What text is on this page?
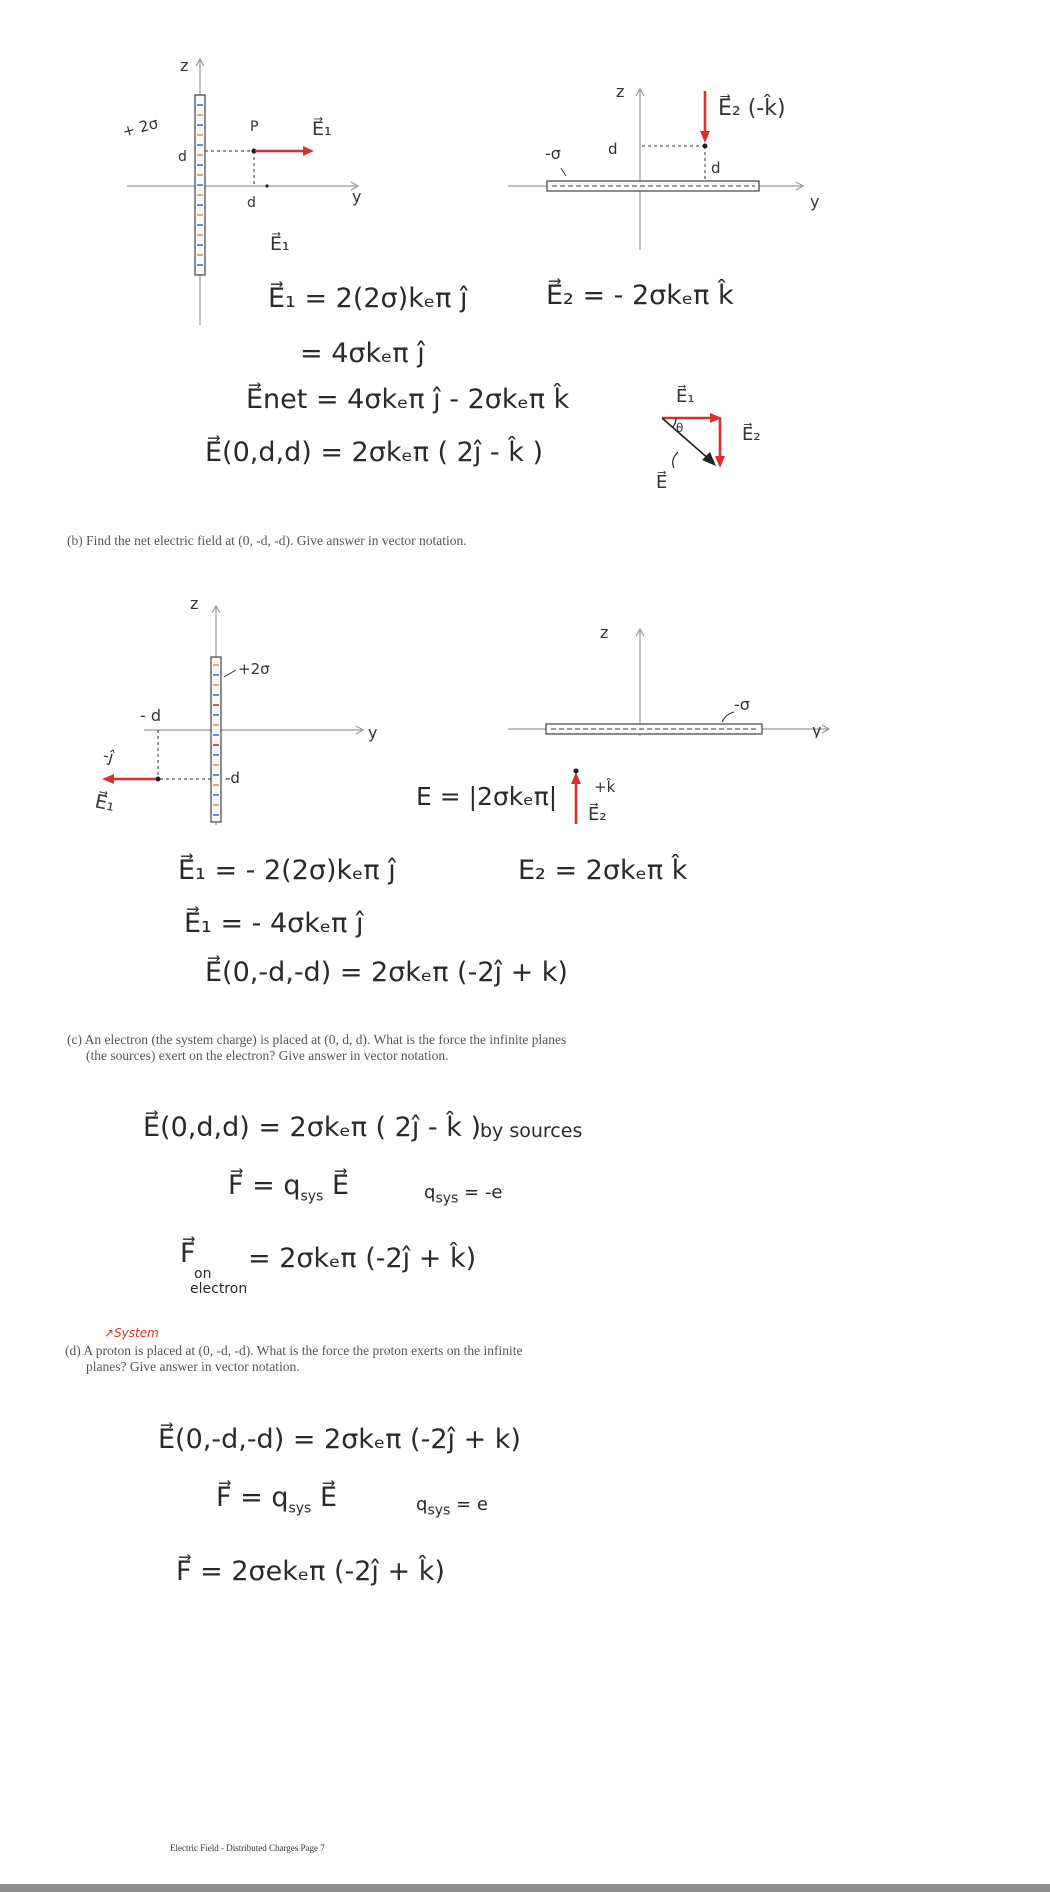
z
y
+ 2σ
d
P
d
E⃗₁
E⃗₁
z
y
-σ	d
d
E⃗₂ (-k̂)
E⃗₁ = 2(2σ)kₑπ ĵ
= 4σkₑπ ĵ
E⃗₂ = - 2σkₑπ k̂
E⃗net = 4σkₑπ ĵ - 2σkₑπ k̂
E⃗(0,d,d) = 2σkₑπ ( 2ĵ - k̂ )
θ
E⃗₁
E⃗₂
E⃗
(b) Find the net electric field at (0, -d, -d). Give answer in vector notation.
z
y
+2σ
- d
-d
-ĵ
E⃗₁
z
y
-σ
E = |2σkₑπ| +k̂
E⃗₂
E⃗₁ = - 2(2σ)kₑπ ĵ
E⃗₁ = - 4σkₑπ ĵ
E₂ = 2σkₑπ k̂
E⃗(0,-d,-d) = 2σkₑπ (-2ĵ + k)
(c) An electron (the system charge) is placed at (0, d, d). What is the force the infinite planes
(the sources) exert on the electron? Give answer in vector notation.
E⃗(0,d,d) = 2σkₑπ ( 2ĵ - k̂ )
by sources
F⃗ = $q_{sys}$ E⃗	$q_{sys} = -e$
F⃗
on
electron
= 2σkₑπ (-2ĵ + k̂)
↗System
(d) A proton is placed at (0, -d, -d). What is the force the proton exerts on the infinite
planes? Give answer in vector notation.
E⃗(0,-d,-d) = 2σkₑπ (-2ĵ + k)
F⃗ = $q_{sys}$ E⃗	$q_{sys} = e$
F⃗ = 2σekₑπ (-2ĵ + k̂)
Electric Field - Distributed Charges Page 7
